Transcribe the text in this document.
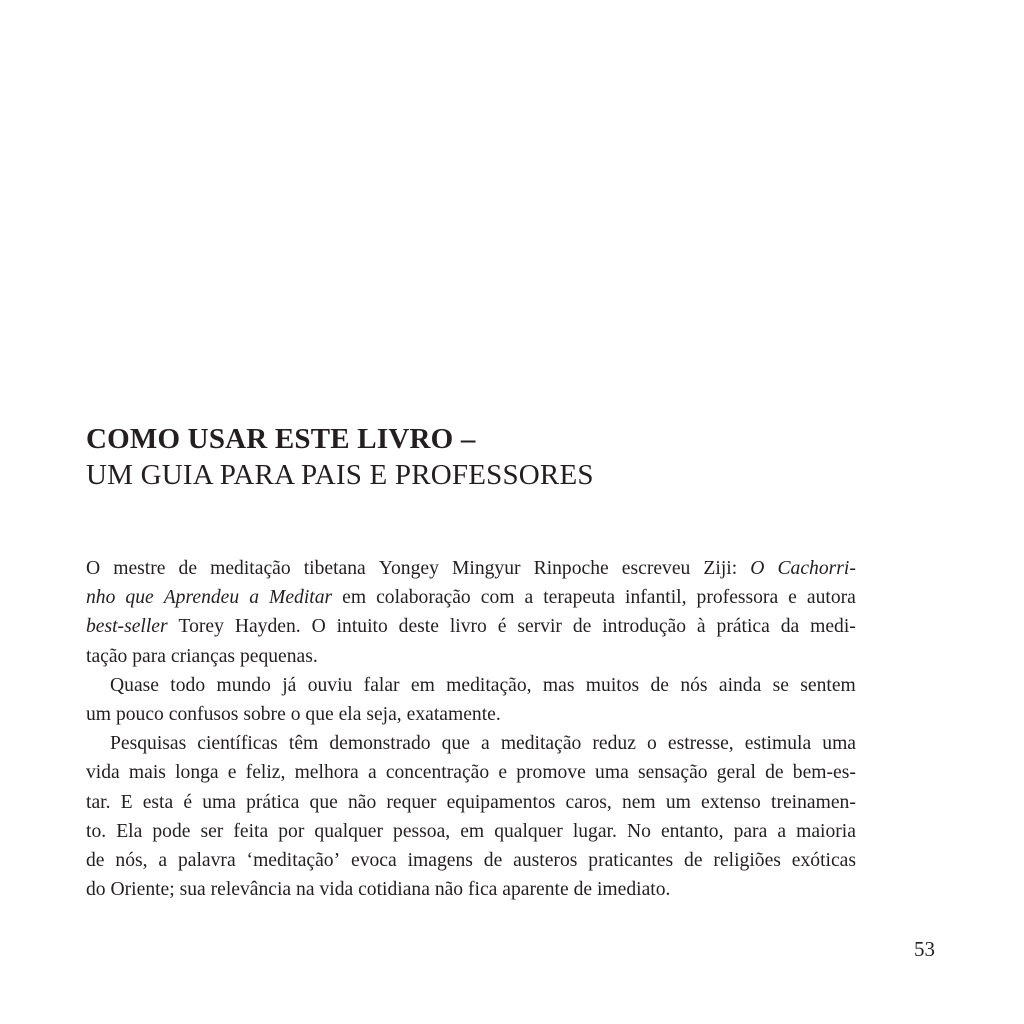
COMO USAR ESTE LIVRO –
UM GUIA PARA PAIS E PROFESSORES
O mestre de meditação tibetana Yongey Mingyur Rinpoche escreveu Ziji: O Cachorri-
nho que Aprendeu a Meditar em colaboração com a terapeuta infantil, professora e autora
best-seller Torey Hayden. O intuito deste livro é servir de introdução à prática da medi-
tação
para
crianças
pequenas.
Quase todo mundo já ouviu falar em meditação, mas muitos de nós ainda se sentem
um
pouco
confusos
sobre
o
que
ela
seja,
exatamente.
Pesquisas científicas têm demonstrado que a meditação reduz o estresse, estimula uma
vida mais longa e feliz, melhora a concentração e promove uma sensação geral de bem-es-
tar. E esta é uma prática que não requer equipamentos caros, nem um extenso treinamen-
to. Ela pode ser feita por qualquer pessoa, em qualquer lugar. No entanto, para a maioria
de nós, a palavra ‘meditação’ evoca imagens de austeros praticantes de religiões exóticas
do
Oriente;
sua
relevância
na
vida
cotidiana
não
fica
aparente
de
imediato.
53
